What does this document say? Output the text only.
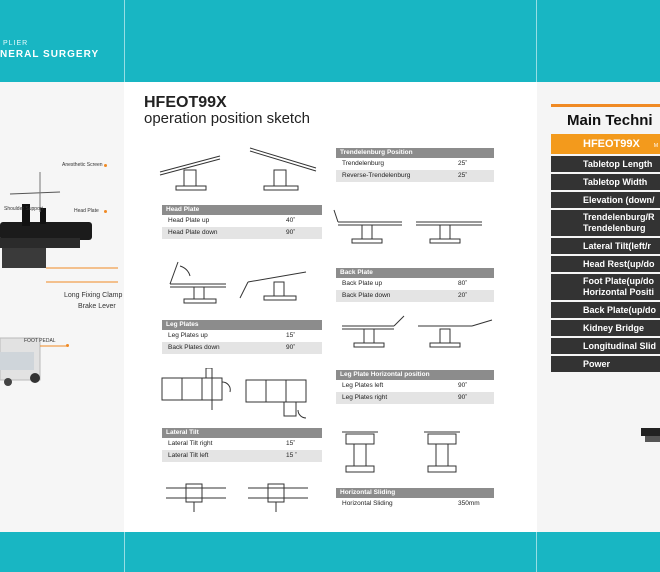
PLIER
NERAL SURGERY
Anesthetic Screen
Shoulder Support	Head Plate
Long Fixing Clamp
Brake Lever
FOOT PEDAL
HFEOT99X
operation position sketch
Head Plate
Head Plate up	40˚
Head Plate down	90˚
Leg Plates
Leg Plates up	15˚
Back Plates down	90˚
Lateral Tilt
Lateral Tilt right	15˚
Lateral Tilt left	15 ˚
Trendelenburg Position
Trendelenburg	25˚
Reverse-Trendelenburg	25˚
Back Plate
Back Plate up	80˚
Back Plate down	20˚
Leg Plate Horizontal position
Leg Plates left	90˚
Leg Plates right	90˚
Horizontal Sliding
Horizontal Sliding	350mm
Main Techni
HFEOT99X	M
Tabletop Length
Tabletop Width
Elevation (down/
Trendelenburg/R
Trendelenburg
Lateral Tilt(left/r
Head Rest(up/do
Foot Plate(up/do
Horizontal Positi
Back Plate(up/do
Kidney Bridge
Longitudinal Slid
Power
